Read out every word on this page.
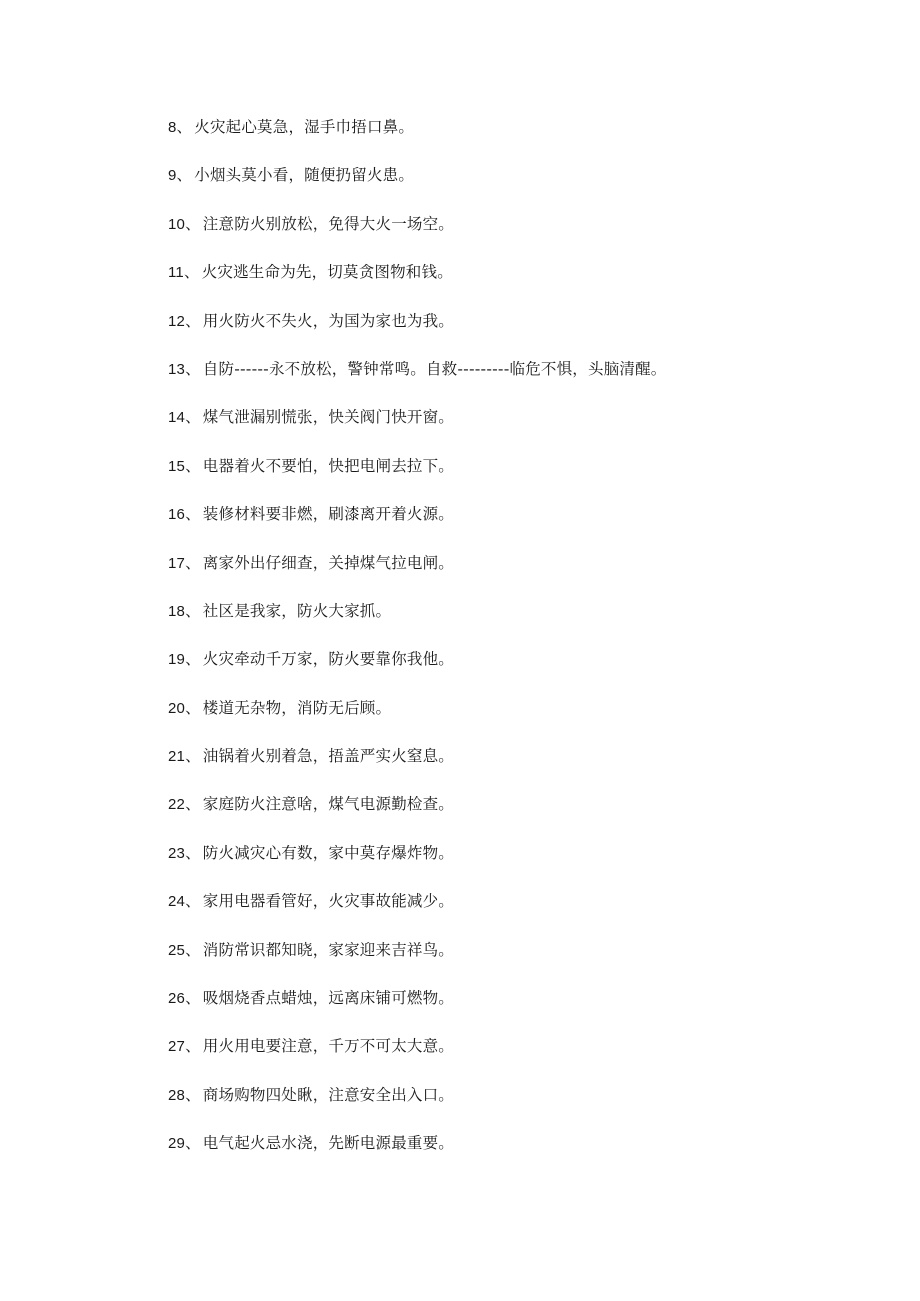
8、 火灾起心莫急，湿手巾捂口鼻。
9、 小烟头莫小看，随便扔留火患。
10、 注意防火别放松，免得大火一场空。
11、 火灾逃生命为先，切莫贪图物和钱。
12、 用火防火不失火，为国为家也为我。
13、 自防------永不放松，警钟常鸣。自救---------临危不惧，头脑清醒。
14、 煤气泄漏别慌张，快关阀门快开窗。
15、 电器着火不要怕，快把电闸去拉下。
16、 装修材料要非燃，刷漆离开着火源。
17、 离家外出仔细查，关掉煤气拉电闸。
18、 社区是我家，防火大家抓。
19、 火灾牵动千万家，防火要靠你我他。
20、 楼道无杂物，消防无后顾。
21、 油锅着火别着急，捂盖严实火窒息。
22、 家庭防火注意啥，煤气电源勤检查。
23、 防火减灾心有数，家中莫存爆炸物。
24、 家用电器看管好，火灾事故能减少。
25、 消防常识都知晓，家家迎来吉祥鸟。
26、 吸烟烧香点蜡烛，远离床铺可燃物。
27、 用火用电要注意，千万不可太大意。
28、 商场购物四处瞅，注意安全出入口。
29、 电气起火忌水浇，先断电源最重要。
